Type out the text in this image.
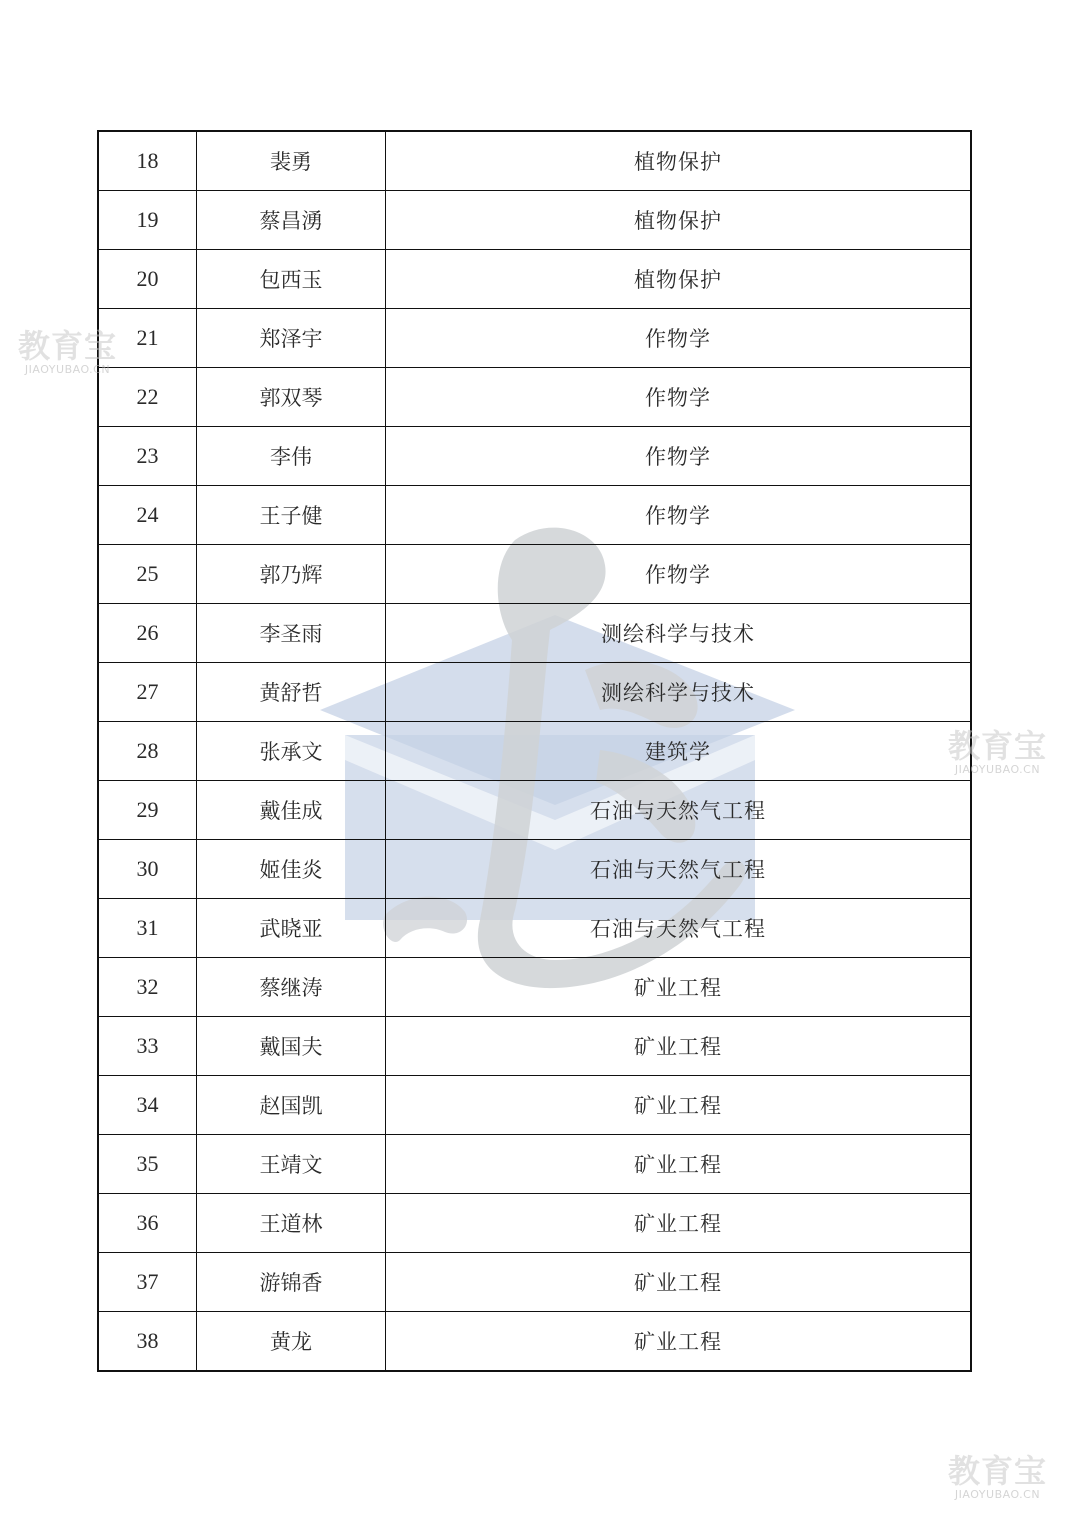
18	裴勇	植物保护
19	蔡昌湧	植物保护
20	包西玉	植物保护
21	郑泽宇	作物学
22	郭双琴	作物学
23	李伟	作物学
24	王子健	作物学
25	郭乃辉	作物学
26	李圣雨	测绘科学与技术
27	黄舒哲	测绘科学与技术
28	张承文	建筑学
29	戴佳成	石油与天然气工程
30	姬佳炎	石油与天然气工程
31	武晓亚	石油与天然气工程
32	蔡继涛	矿业工程
33	戴国夫	矿业工程
34	赵国凯	矿业工程
35	王靖文	矿业工程
36	王道林	矿业工程
37	游锦香	矿业工程
38	黄龙	矿业工程
教育宝
JIAOYUBAO.CN
教育宝
JIAOYUBAO.CN
教育宝
JIAOYUBAO.CN
